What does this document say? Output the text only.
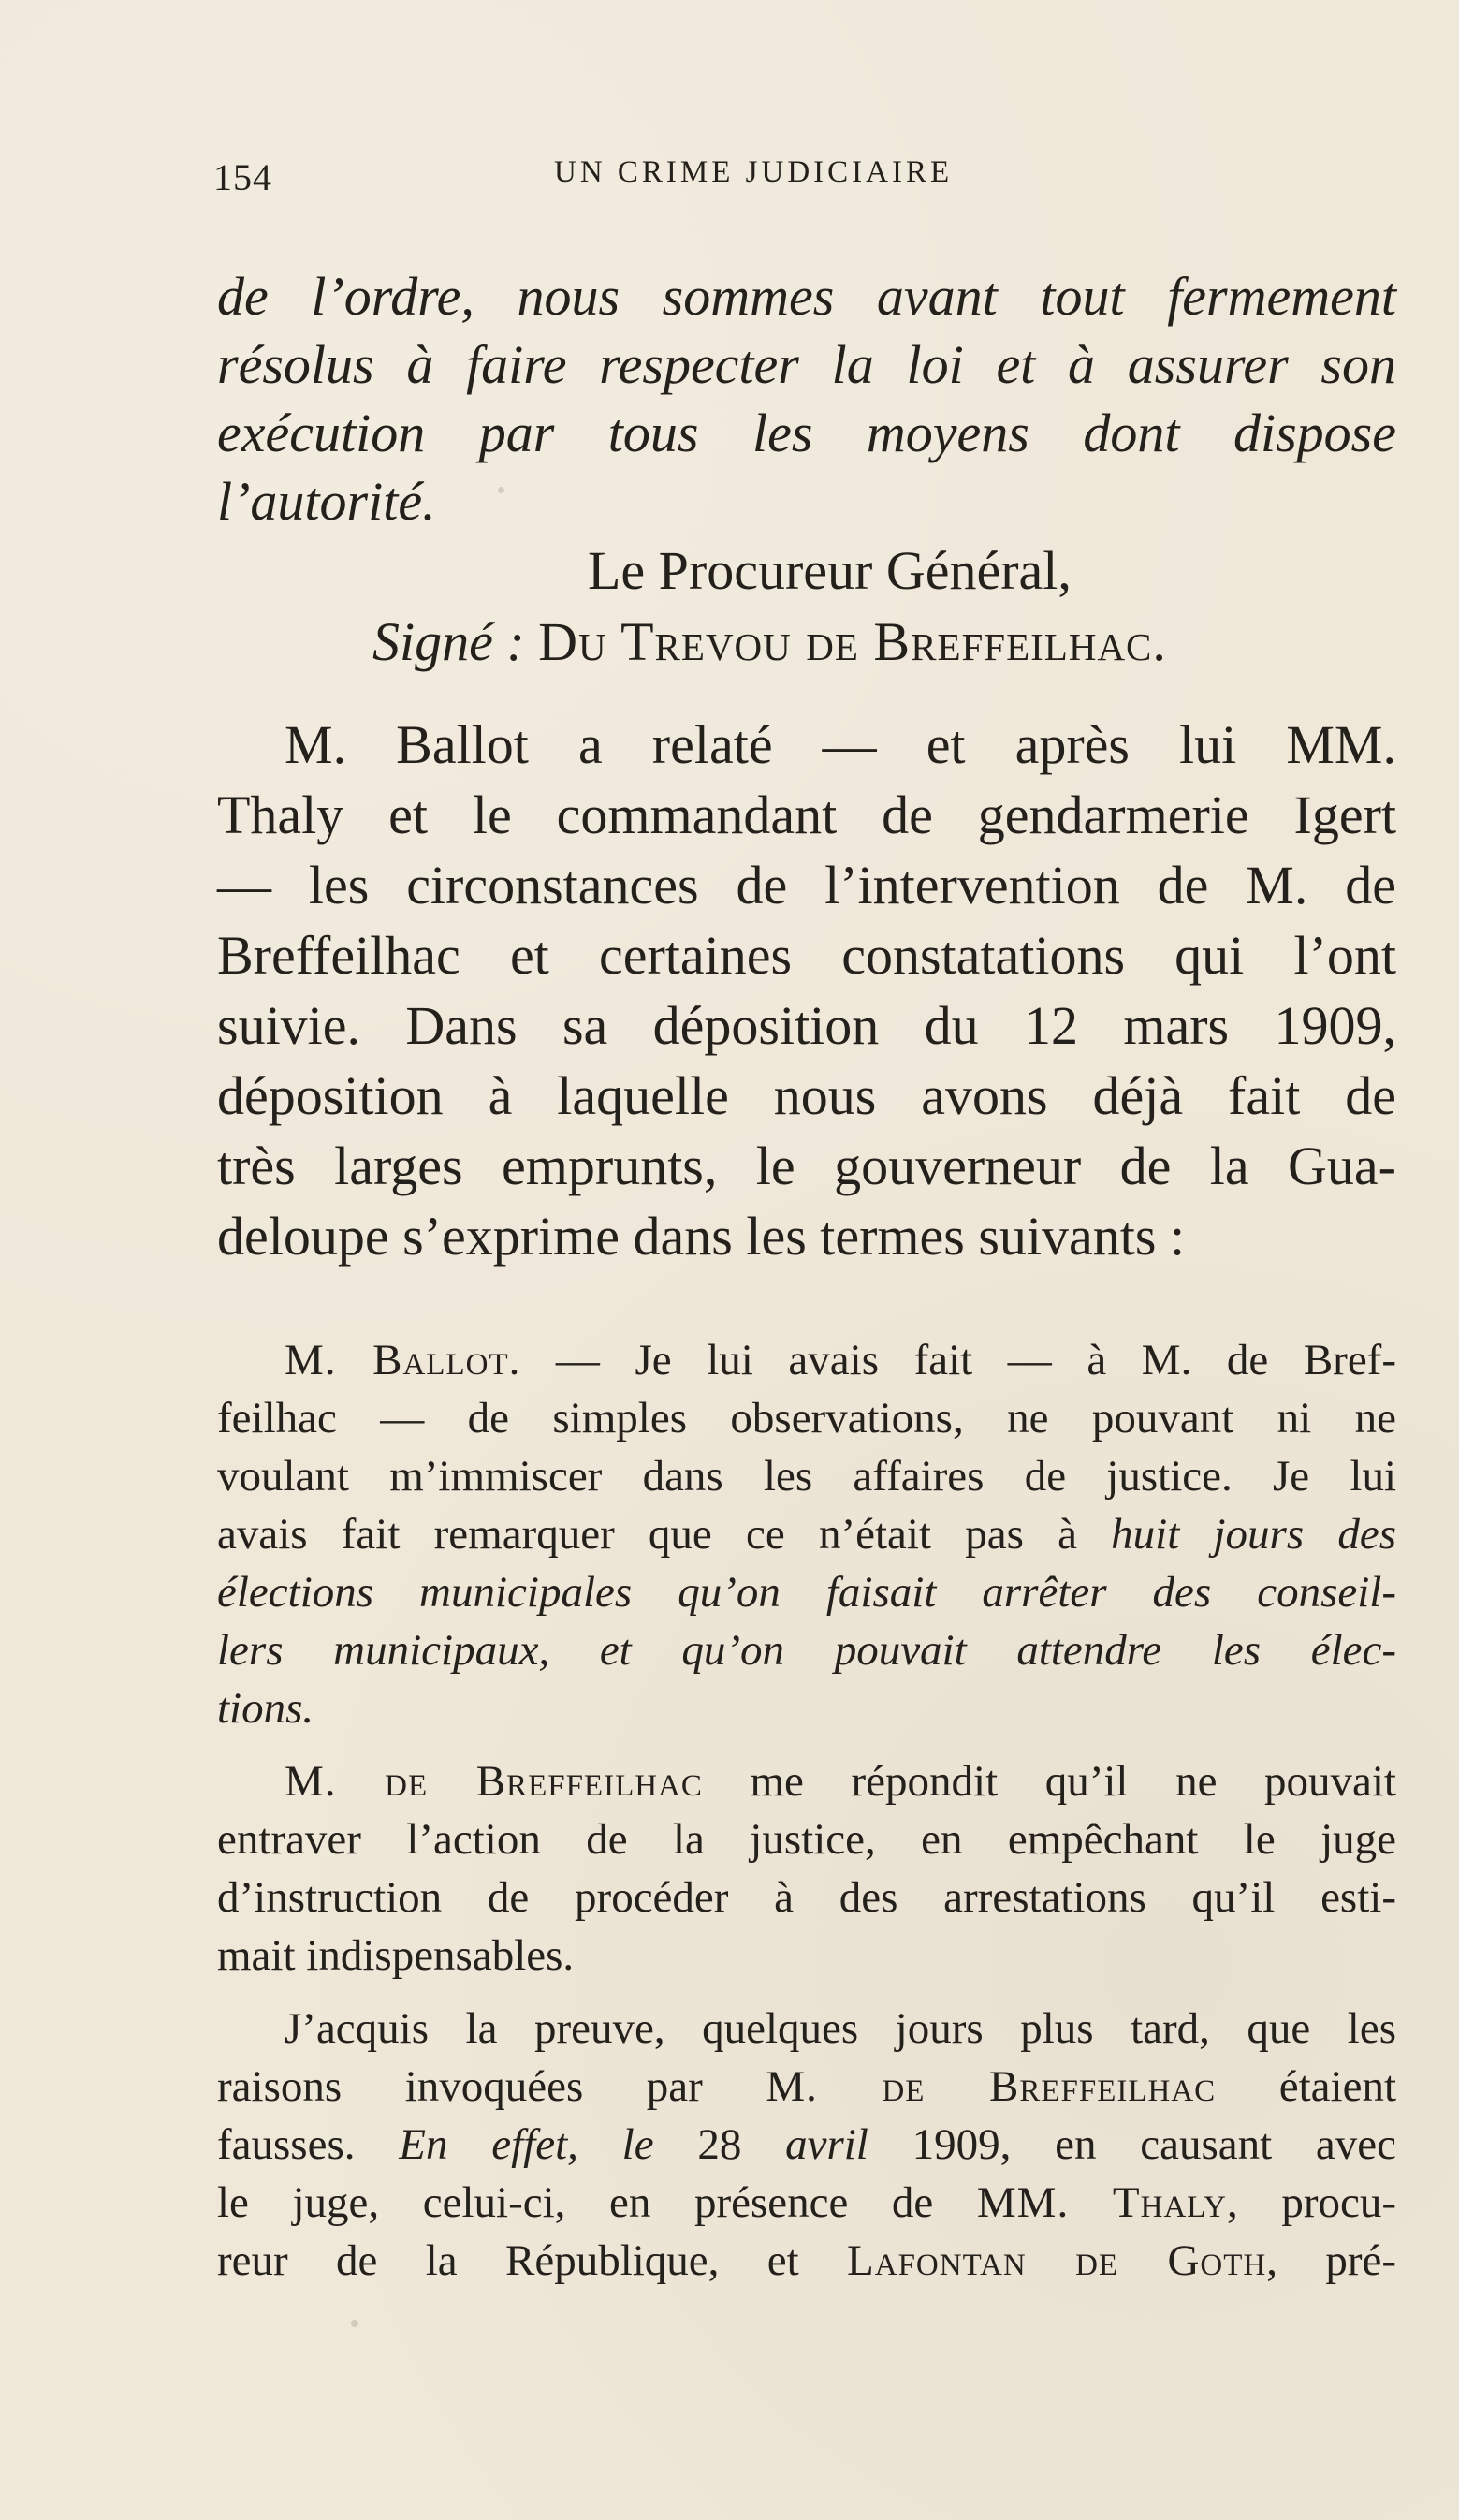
154	UN CRIME JUDICIAIRE
de l’ordre, nous sommes avant tout fermement
résolus à faire respecter la loi et à assurer son
exécution par tous les moyens dont dispose
l’autorité.
Le Procureur Général,
Signé : Du Trevou de Breffeilhac.
M. Ballot a relaté — et après lui MM.
Thaly et le commandant de gendarmerie Igert
— les circonstances de l’intervention de M. de
Breffeilhac et certaines constatations qui l’ont
suivie. Dans sa déposition du 12 mars 1909,
déposition à laquelle nous avons déjà fait de
très larges emprunts, le gouverneur de la Gua-
deloupe s’exprime dans les termes suivants :
M. Ballot. — Je lui avais fait — à M. de Bref-
feilhac — de simples observations, ne pouvant ni ne
voulant m’immiscer dans les affaires de justice. Je lui
avais fait remarquer que ce n’était pas à huit jours des
élections municipales qu’on faisait arrêter des conseil-
lers municipaux, et qu’on pouvait attendre les élec-
tions.
M. de Breffeilhac me répondit qu’il ne pouvait
entraver l’action de la justice, en empêchant le juge
d’instruction de procéder à des arrestations qu’il esti-
mait indispensables.
J’acquis la preuve, quelques jours plus tard, que les
raisons invoquées par M. de Breffeilhac étaient
fausses. En effet, le 28 avril 1909, en causant avec
le juge, celui-ci, en présence de MM. Thaly, procu-
reur de la République, et Lafontan de Goth, pré-
